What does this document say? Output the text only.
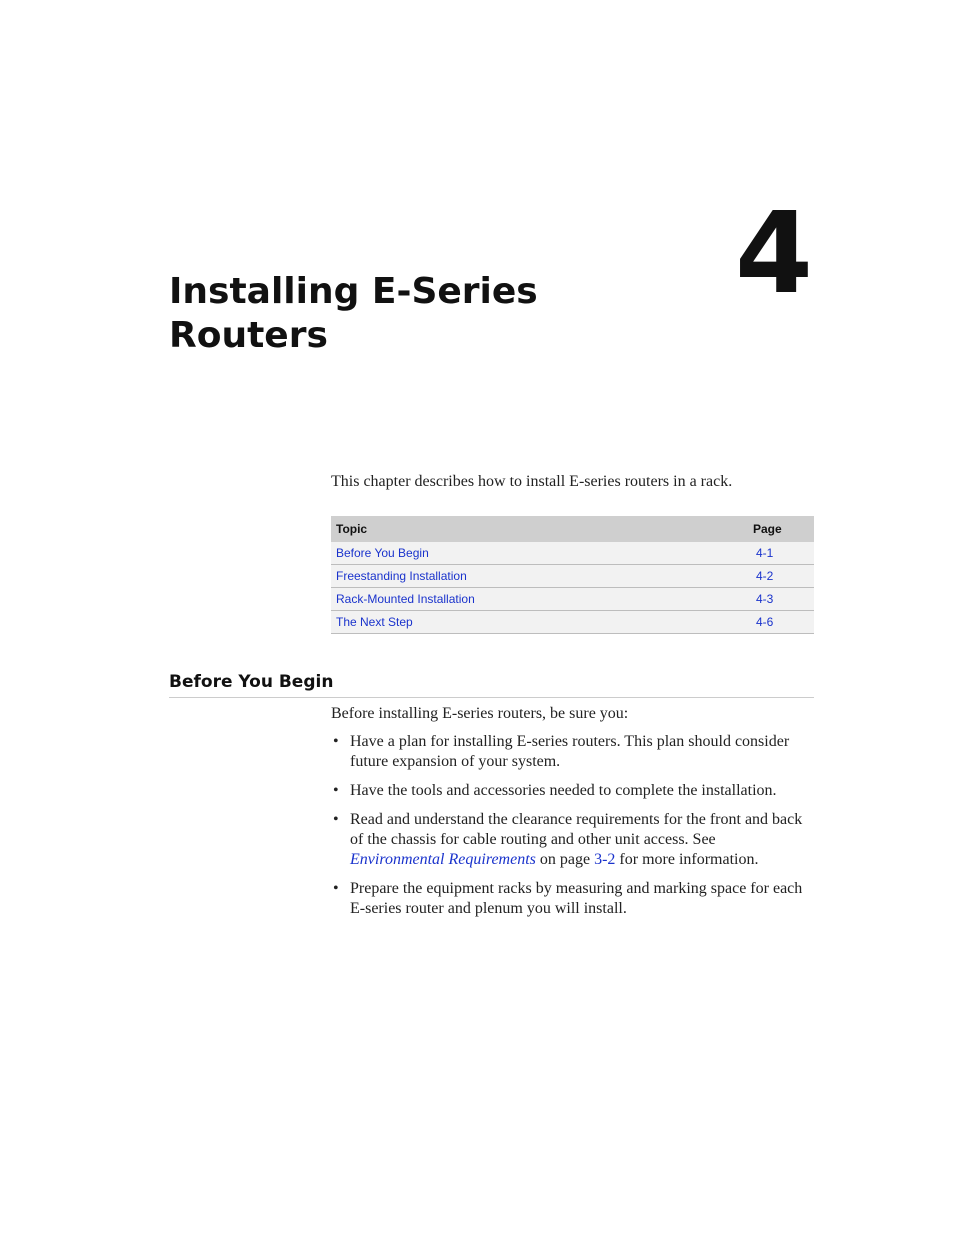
4
Installing E-Series Routers

This chapter describes how to install E-series routers in a rack.

Topic	Page
Before You Begin	4-1
Freestanding Installation	4-2
Rack-Mounted Installation	4-3
The Next Step	4-6
Before You Begin

Before installing E-series routers, be sure you:

• Have a plan for installing E-series routers. This plan should consider future expansion of your system.
• Have the tools and accessories needed to complete the installation.
• Read and understand the clearance requirements for the front and back of the chassis for cable routing and other unit access. See Environmental Requirements on page 3-2 for more information.
• Prepare the equipment racks by measuring and marking space for each E-series router and plenum you will install.
